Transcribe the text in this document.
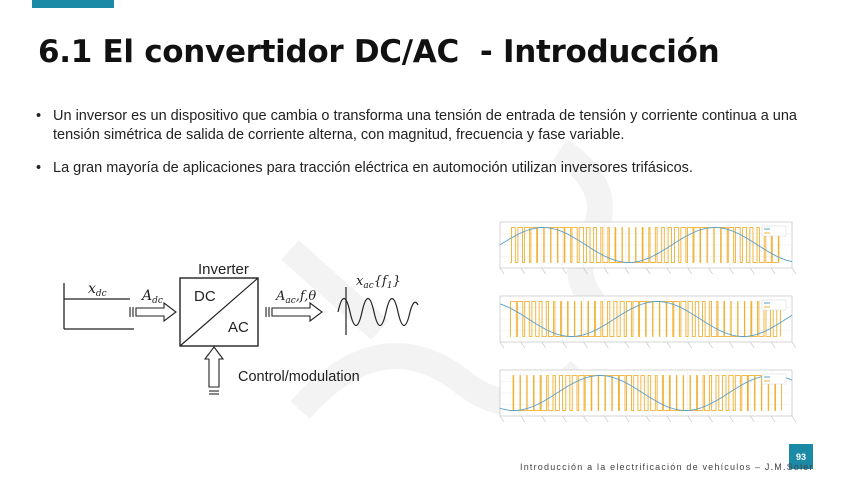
6.1 El convertidor DC/AC  - Introducción
• Un inversor es un dispositivo que cambia o transforma una tensión de entrada de tensión y corriente continua a una tensión simétrica de salida de corriente alterna, con magnitud, frecuencia y fase variable.
• La gran mayoría de aplicaciones para tracción eléctrica en automoción utilizan inversores trifásicos.
$x_{dc}$	$A_{dc}$
Inverter
DC
AC
$A_{ac},f,\theta$
$x_{ac}\{f_1\}$
Control/modulation
93
Introducción a la electrificación de vehículos – J.M.Soler
